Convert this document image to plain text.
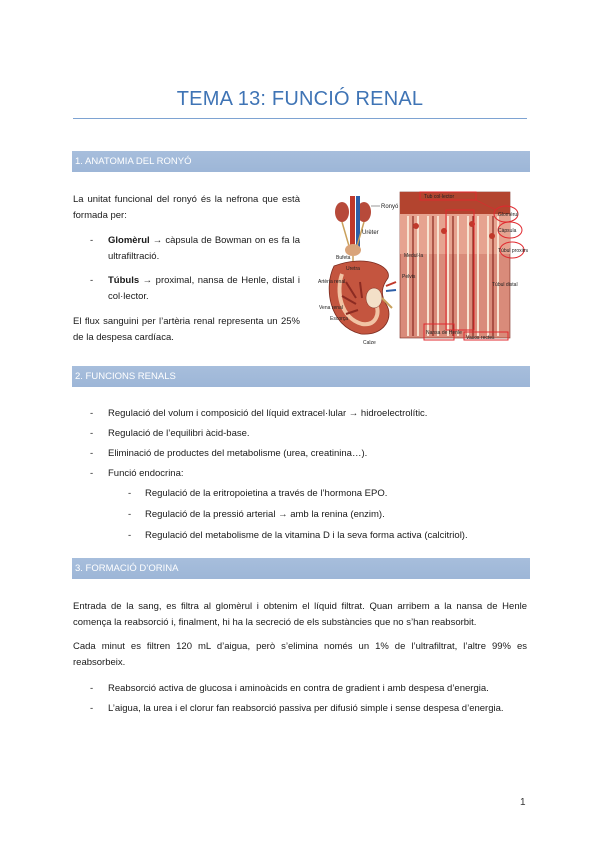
TEMA 13: FUNCIÓ RENAL
1. ANATOMIA DEL RONYÓ
La unitat funcional del ronyó és la nefrona que està formada per:
- Glomèrul → càpsula de Bowman on es fa la ultrafiltració.
- Túbuls → proximal, nansa de Henle, distal i col·lector.
El flux sanguini per l’artèria renal representa un 25% de la despesa cardíaca.
Ronyó
Urèter
Bufeta
Uretra
Artèria renal
Vena renal
Escorça
Calze
Medul·la
Pelvis
Tub col·lector
Nansa de Henle
Glomèrul
Càpsula
Túbul proximal
Túbul distal
Vasos rectes
2. FUNCIONS RENALS
- Regulació del volum i composició del líquid extracel·lular → hidroelectrolític.
- Regulació de l’equilibri àcid-base.
- Eliminació de productes del metabolisme (urea, creatinina…).
- Funció endocrina:
- Regulació de la eritropoietina a través de l’hormona EPO.
- Regulació de la pressió arterial → amb la renina (enzim).
- Regulació del metabolisme de la vitamina D i la seva forma activa (calcitriol).
3. FORMACIÓ D’ORINA
Entrada de la sang, es filtra al glomèrul i obtenim el líquid filtrat. Quan arribem a la nansa de Henle comença la reabsorció i, finalment, hi ha la secreció de els substàncies que no s’han reabsorbit.
Cada minut es filtren 120 mL d’aigua, però s’elimina només un 1% de l’ultrafiltrat, l’altre 99% es reabsorbeix.
- Reabsorció activa de glucosa i aminoàcids en contra de gradient i amb despesa d’energia.
- L’aigua, la urea i el clorur fan reabsorció passiva per difusió simple i sense despesa d’energia.
1
